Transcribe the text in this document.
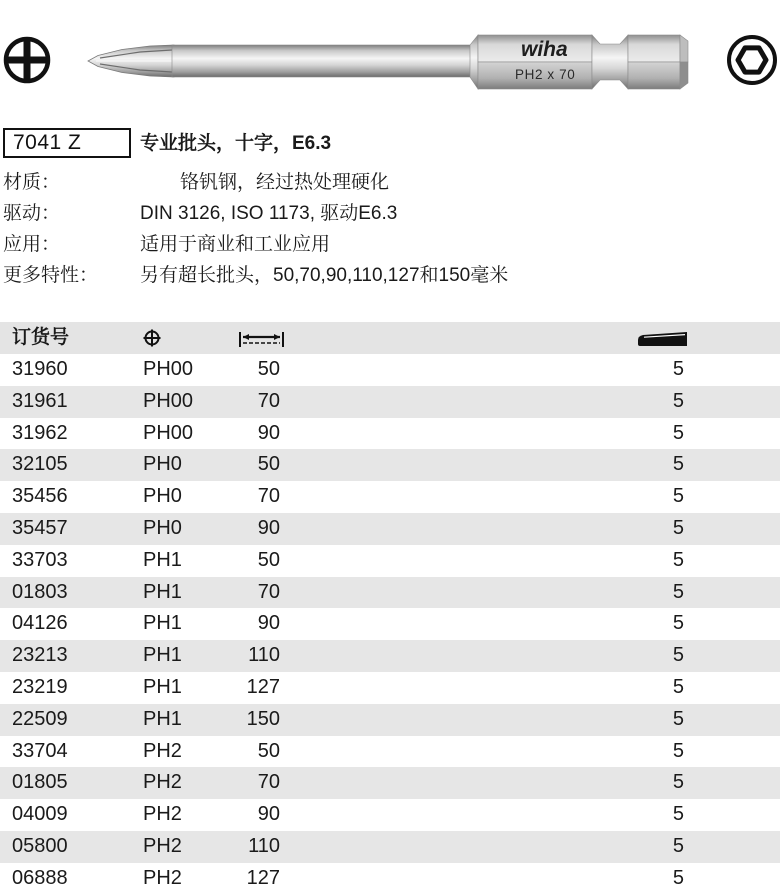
wiha
PH2 x 70
7041 Z	专业批头，十字，E6.3
材质：	铬钒钢，经过热处理硬化
驱动：	DIN 3126, ISO 1173, 驱动E6.3
应用：	适用于商业和工业应用
更多特性： 另有超长批头，50,70,90,110,127和150毫米
订货号
31960	PH00	50	5
31961	PH00	70	5
31962	PH00	90	5
32105	PH0	50	5
35456	PH0	70	5
35457	PH0	90	5
33703	PH1	50	5
01803	PH1	70	5
04126	PH1	90	5
23213	PH1	110	5
23219	PH1	127	5
22509	PH1	150	5
33704	PH2	50	5
01805	PH2	70	5
04009	PH2	90	5
05800	PH2	110	5
06888	PH2	127	5
